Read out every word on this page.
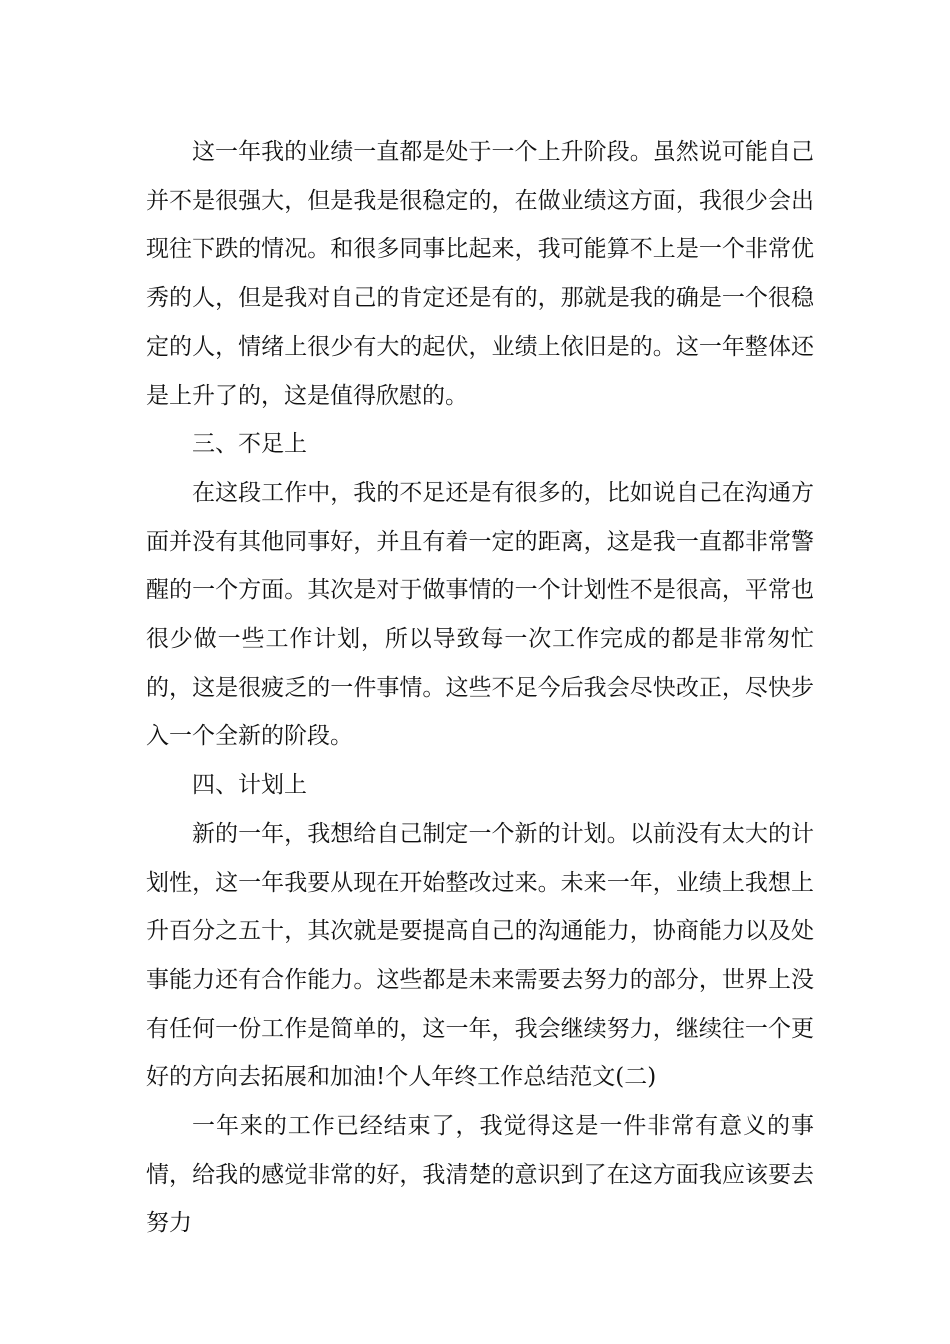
这一年我的业绩一直都是处于一个上升阶段。虽然说可能自己并不是很强大，但是我是很稳定的，在做业绩这方面，我很少会出现往下跌的情况。和很多同事比起来，我可能算不上是一个非常优秀的人，但是我对自己的肯定还是有的，那就是我的确是一个很稳定的人，情绪上很少有大的起伏，业绩上依旧是的。这一年整体还是上升了的，这是值得欣慰的。

三、不足上

在这段工作中，我的不足还是有很多的，比如说自己在沟通方面并没有其他同事好，并且有着一定的距离，这是我一直都非常警醒的一个方面。其次是对于做事情的一个计划性不是很高，平常也很少做一些工作计划，所以导致每一次工作完成的都是非常匆忙的，这是很疲乏的一件事情。这些不足今后我会尽快改正，尽快步入一个全新的阶段。

四、计划上

新的一年，我想给自己制定一个新的计划。以前没有太大的计划性，这一年我要从现在开始整改过来。未来一年，业绩上我想上升百分之五十，其次就是要提高自己的沟通能力，协商能力以及处事能力还有合作能力。这些都是未来需要去努力的部分，世界上没有任何一份工作是简单的，这一年，我会继续努力，继续往一个更好的方向去拓展和加油!个人年终工作总结范文(二)

一年来的工作已经结束了，我觉得这是一件非常有意义的事情，给我的感觉非常的好，我清楚的意识到了在这方面我应该要去努力
